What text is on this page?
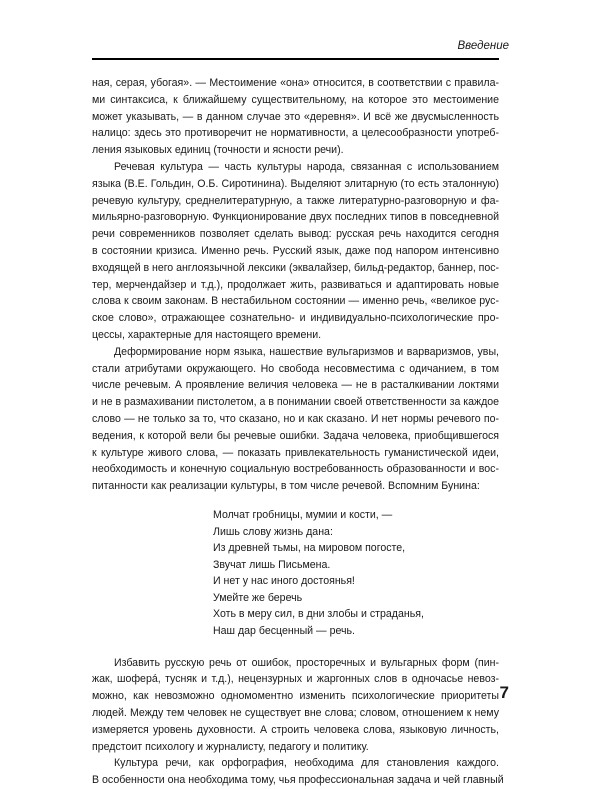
Введение
ная, серая, убогая». — Местоимение «она» относится, в соответствии с правила-
ми синтаксиса, к ближайшему существительному, на которое это местоимение
может указывать, — в данном случае это «деревня». И всё же двусмысленность
налицо: здесь это противоречит не нормативности, а целесообразности употреб-
ления языковых единиц (точности и ясности речи).
Речевая культура — часть культуры народа, связанная с использованием
языка (В.Е. Гольдин, О.Б. Сиротинина). Выделяют элитарную (то есть эталонную)
речевую культуру, среднелитературную, а также литературно-разговорную и фа-
мильярно-разговорную. Функционирование двух последних типов в повседневной
речи современников позволяет сделать вывод: русская речь находится сегодня
в состоянии кризиса. Именно речь. Русский язык, даже под напором интенсивно
входящей в него англоязычной лексики (эквалайзер, бильд-редактор, баннер, пос-
тер, мерчендайзер и т.д.), продолжает жить, развиваться и адаптировать новые
слова к своим законам. В нестабильном состоянии — именно речь, «великое рус-
ское слово», отражающее сознательно- и индивидуально-психологические про-
цессы, характерные для настоящего времени.
Деформирование норм языка, нашествие вульгаризмов и варваризмов, увы,
стали атрибутами окружающего. Но свобода несовместима с одичанием, в том
числе речевым. А проявление величия человека — не в расталкивании локтями
и не в размахивании пистолетом, а в понимании своей ответственности за каждое
слово — не только за то, что сказано, но и как сказано. И нет нормы речевого по-
ведения, к которой вели бы речевые ошибки. Задача человека, приобщившегося
к культуре живого слова, — показать привлекательность гуманистической идеи,
необходимость и конечную социальную востребованность образованности и вос-
питанности как реализации культуры, в том числе речевой. Вспомним Бунина:
Молчат гробницы, мумии и кости, —
Лишь слову жизнь дана:
Из древней тьмы, на мировом погосте,
Звучат лишь Письмена.
И нет у нас иного достоянья!
Умейте же беречь
Хоть в меру сил, в дни злобы и страданья,
Наш дар бесценный — речь.
Избавить русскую речь от ошибок, просторечных и вульгарных форм (пин-
жак, шоферá, тусняк и т.д.), нецензурных и жаргонных слов в одночасье невоз-
можно, как невозможно одномоментно изменить психологические приоритеты
людей. Между тем человек не существует вне слова; словом, отношением к нему
измеряется уровень духовности. А строить человека слова, языковую личность,
предстоит психологу и журналисту, педагогу и политику.
Культура речи, как орфография, необходима для становления каждого.
В особенности она необходима тому, чья профессиональная задача и чей главный
7
